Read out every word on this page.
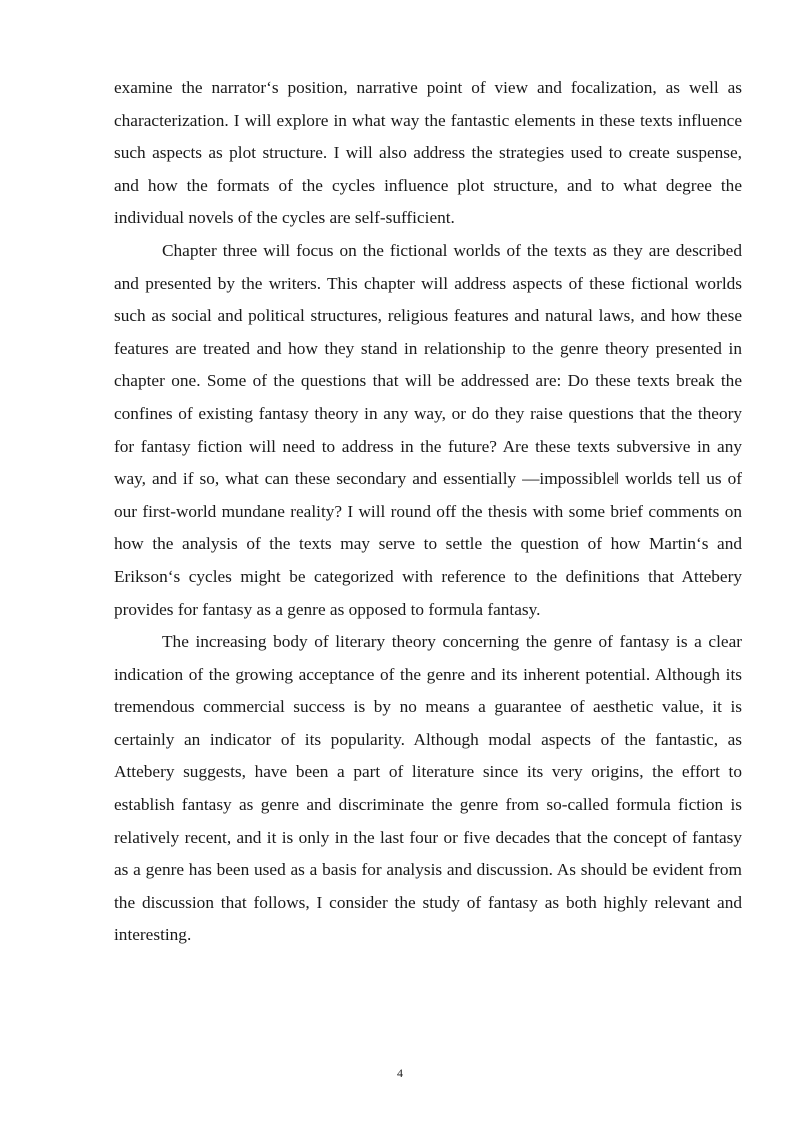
examine the narrator‘s position, narrative point of view and focalization, as well as characterization. I will explore in what way the fantastic elements in these texts influence such aspects as plot structure. I will also address the strategies used to create suspense, and how the formats of the cycles influence plot structure, and to what degree the individual novels of the cycles are self-sufficient.

Chapter three will focus on the fictional worlds of the texts as they are described and presented by the writers. This chapter will address aspects of these fictional worlds such as social and political structures, religious features and natural laws, and how these features are treated and how they stand in relationship to the genre theory presented in chapter one. Some of the questions that will be addressed are: Do these texts break the confines of existing fantasy theory in any way, or do they raise questions that the theory for fantasy fiction will need to address in the future? Are these texts subversive in any way, and if so, what can these secondary and essentially ―impossible‖ worlds tell us of our first-world mundane reality? I will round off the thesis with some brief comments on how the analysis of the texts may serve to settle the question of how Martin‘s and Erikson‘s cycles might be categorized with reference to the definitions that Attebery provides for fantasy as a genre as opposed to formula fantasy.

The increasing body of literary theory concerning the genre of fantasy is a clear indication of the growing acceptance of the genre and its inherent potential. Although its tremendous commercial success is by no means a guarantee of aesthetic value, it is certainly an indicator of its popularity. Although modal aspects of the fantastic, as Attebery suggests, have been a part of literature since its very origins, the effort to establish fantasy as genre and discriminate the genre from so-called formula fiction is relatively recent, and it is only in the last four or five decades that the concept of fantasy as a genre has been used as a basis for analysis and discussion. As should be evident from the discussion that follows, I consider the study of fantasy as both highly relevant and interesting.

4
